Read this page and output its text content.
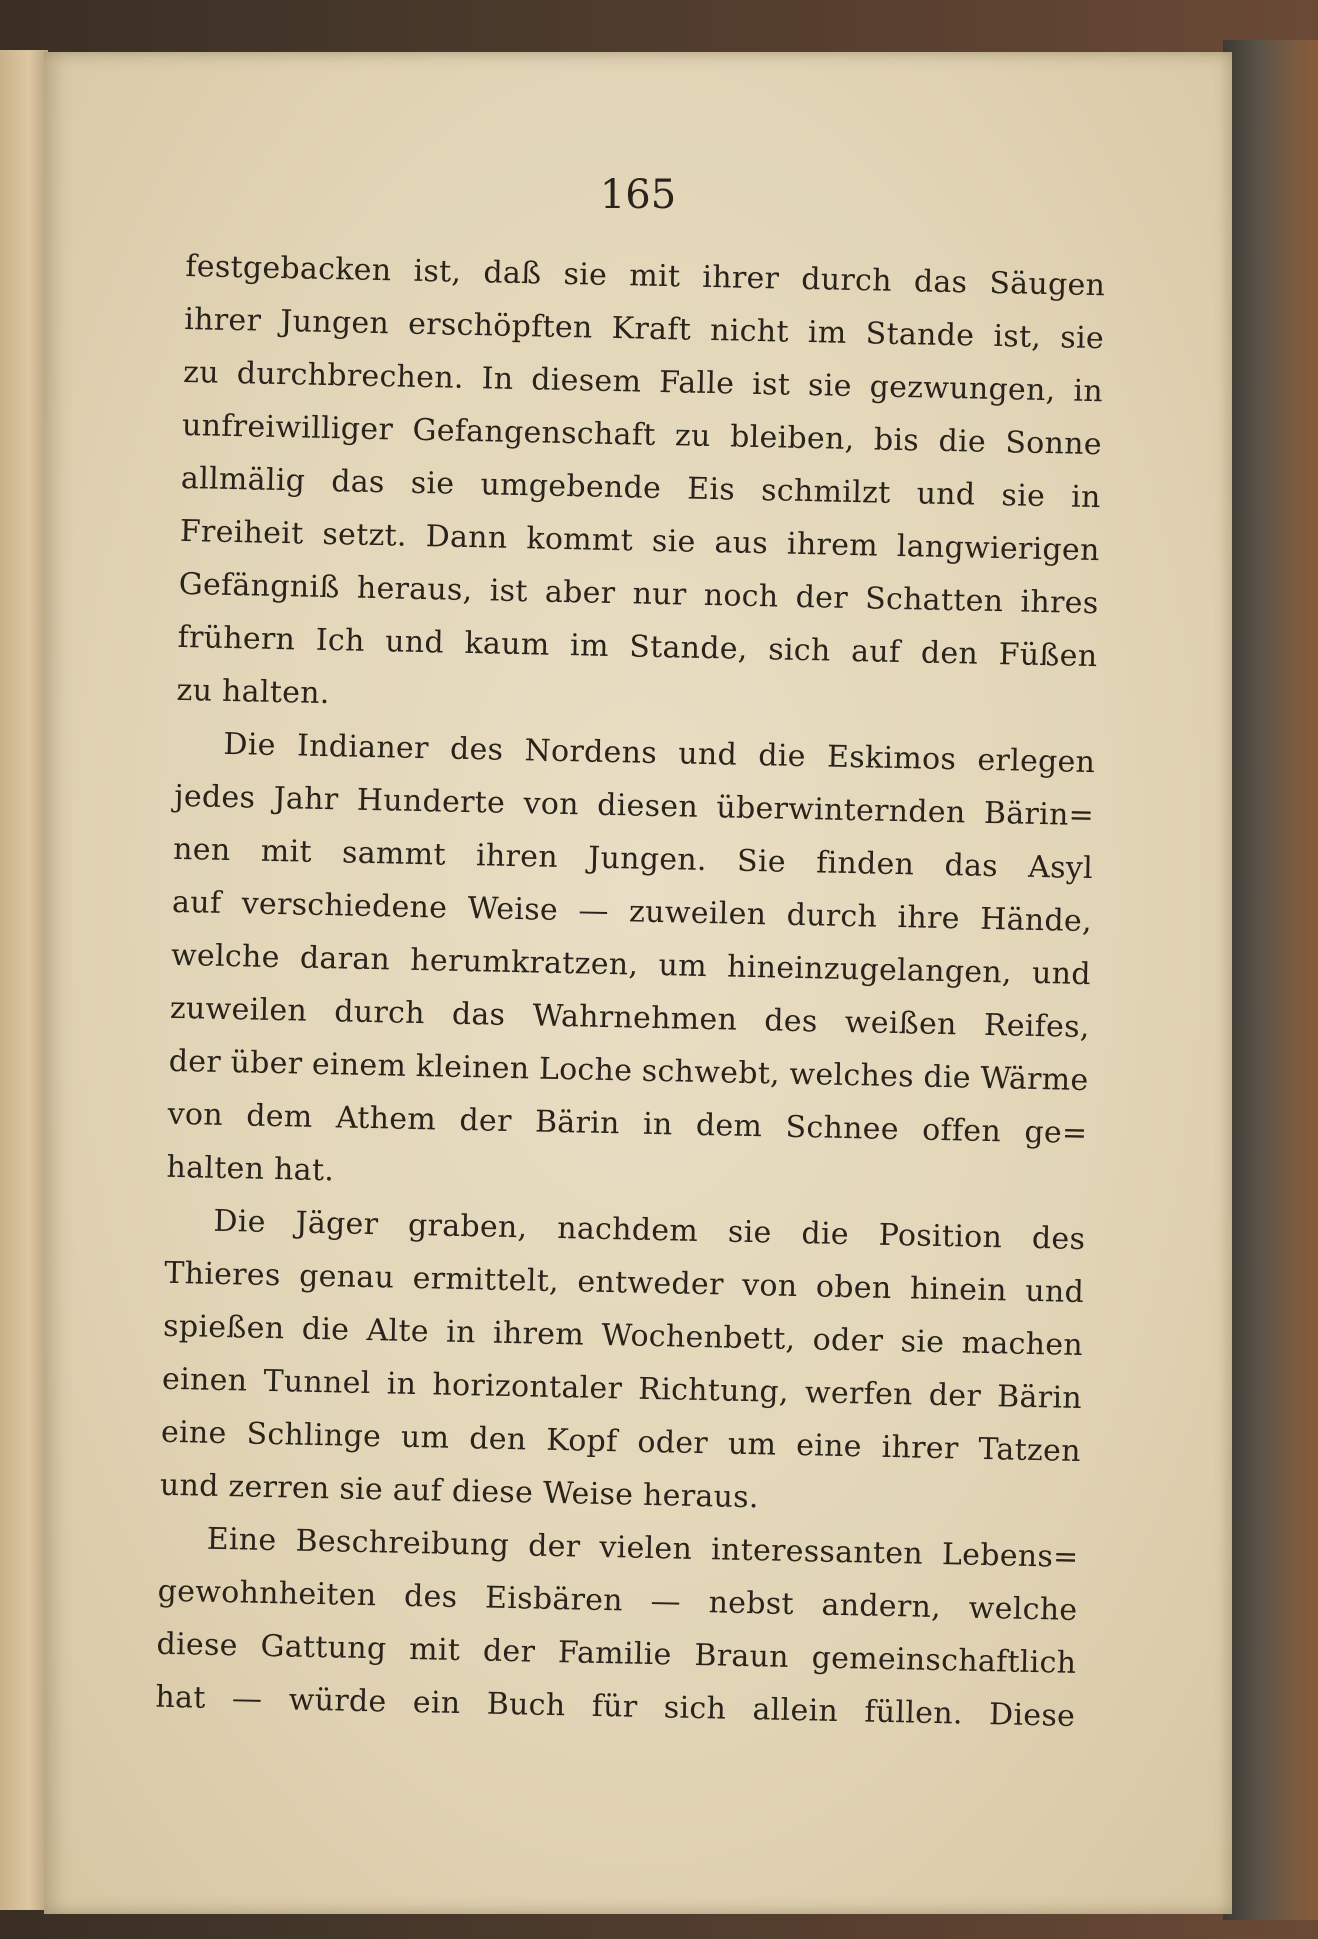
165
festgebacken ist, daß sie mit ihrer durch das Säugen
ihrer Jungen erschöpften Kraft nicht im Stande ist, sie
zu durchbrechen. In diesem Falle ist sie gezwungen, in
unfreiwilliger Gefangenschaft zu bleiben, bis die Sonne
allmälig das sie umgebende Eis schmilzt und sie in
Freiheit setzt. Dann kommt sie aus ihrem langwierigen
Gefängniß heraus, ist aber nur noch der Schatten ihres
frühern Ich und kaum im Stande, sich auf den Füßen
zu halten.
Die Indianer des Nordens und die Eskimos erlegen
jedes Jahr Hunderte von diesen überwinternden Bärin=
nen mit sammt ihren Jungen. Sie finden das Asyl
auf verschiedene Weise — zuweilen durch ihre Hände,
welche daran herumkratzen, um hineinzugelangen, und
zuweilen durch das Wahrnehmen des weißen Reifes,
der über einem kleinen Loche schwebt, welches die Wärme
von dem Athem der Bärin in dem Schnee offen ge=
halten hat.
Die Jäger graben, nachdem sie die Position des
Thieres genau ermittelt, entweder von oben hinein und
spießen die Alte in ihrem Wochenbett, oder sie machen
einen Tunnel in horizontaler Richtung, werfen der Bärin
eine Schlinge um den Kopf oder um eine ihrer Tatzen
und zerren sie auf diese Weise heraus.
Eine Beschreibung der vielen interessanten Lebens=
gewohnheiten des Eisbären — nebst andern, welche
diese Gattung mit der Familie Braun gemeinschaftlich
hat — würde ein Buch für sich allein füllen. Diese
